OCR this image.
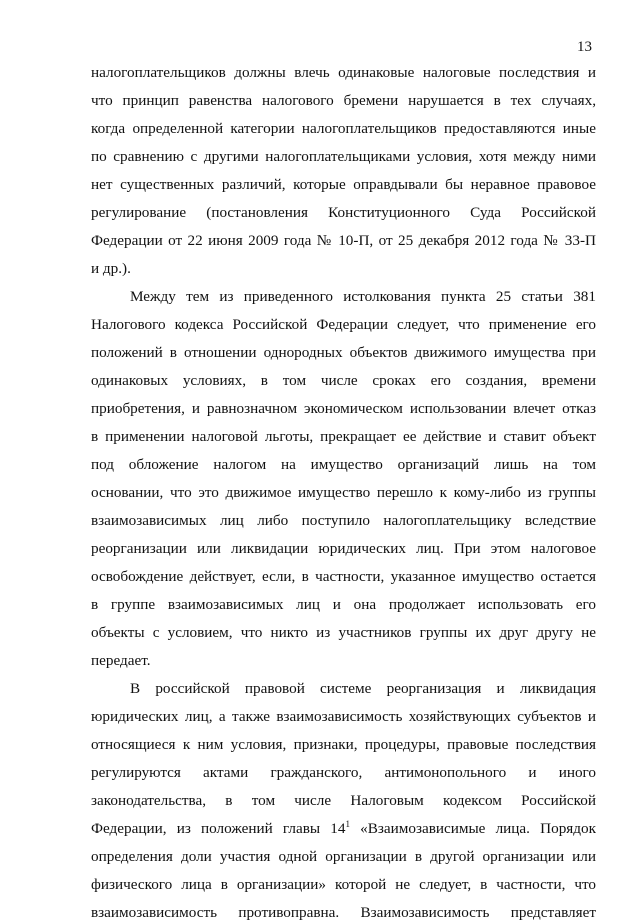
13
налогоплательщиков должны влечь одинаковые налоговые последствия и
что принцип равенства налогового бремени нарушается в тех случаях,
когда определенной категории налогоплательщиков предоставляются иные
по сравнению с другими налогоплательщиками условия, хотя между ними
нет существенных различий, которые оправдывали бы неравное правовое
регулирование (постановления Конституционного Суда Российской
Федерации от 22 июня 2009 года № 10-П, от 25 декабря 2012 года № 33-П
и др.).
Между тем из приведенного истолкования пункта 25 статьи 381
Налогового кодекса Российской Федерации следует, что применение его
положений в отношении однородных объектов движимого имущества при
одинаковых условиях, в том числе сроках его создания, времени
приобретения, и равнозначном экономическом использовании влечет отказ
в применении налоговой льготы, прекращает ее действие и ставит объект
под обложение налогом на имущество организаций лишь на том
основании, что это движимое имущество перешло к кому-либо из группы
взаимозависимых лиц либо поступило налогоплательщику вследствие
реорганизации или ликвидации юридических лиц. При этом налоговое
освобождение действует, если, в частности, указанное имущество остается
в группе взаимозависимых лиц и она продолжает использовать его
объекты с условием, что никто из участников группы их друг другу не
передает.
В российской правовой системе реорганизация и ликвидация
юридических лиц, а также взаимозависимость хозяйствующих субъектов и
относящиеся к ним условия, признаки, процедуры, правовые последствия
регулируются актами гражданского, антимонопольного и иного
законодательства, в том числе Налоговым кодексом Российской
Федерации, из положений главы 14$^1$ «Взаимозависимые лица. Порядок
определения доли участия одной организации в другой организации или
физического лица в организации» которой не следует, в частности, что
взаимозависимость противоправна. Взаимозависимость представляет
